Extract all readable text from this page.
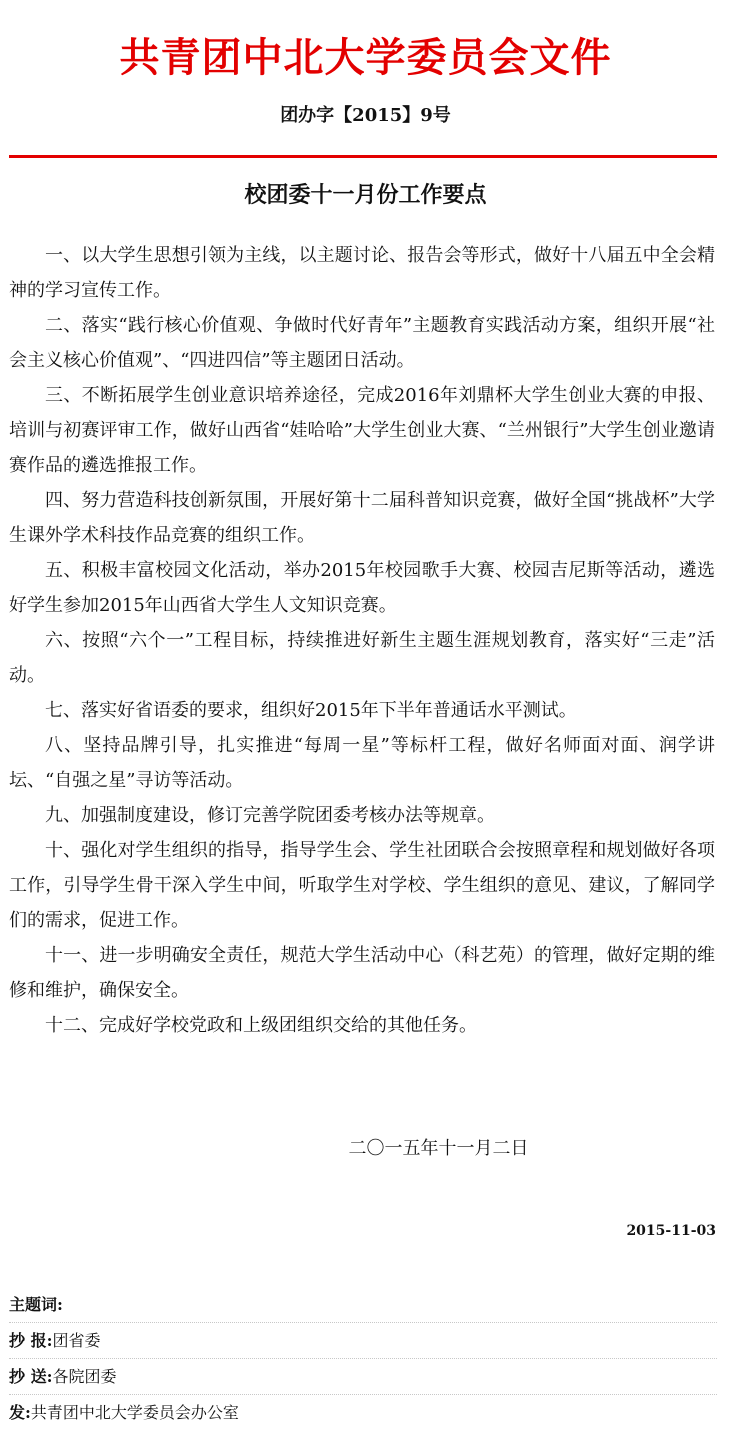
共青团中北大学委员会文件
团办字【2015】9号
校团委十一月份工作要点

一、以大学生思想引领为主线，以主题讨论、报告会等形式，做好十八届五中全会精神的学习宣传工作。

二、落实“践行核心价值观、争做时代好青年”主题教育实践活动方案，组织开展“社会主义核心价值观”、“四进四信”等主题团日活动。

三、不断拓展学生创业意识培养途径，完成2016年刘鼎杯大学生创业大赛的申报、培训与初赛评审工作，做好山西省“娃哈哈”大学生创业大赛、“兰州银行”大学生创业邀请赛作品的遴选推报工作。

四、努力营造科技创新氛围，开展好第十二届科普知识竞赛，做好全国“挑战杯”大学生课外学术科技作品竞赛的组织工作。

五、积极丰富校园文化活动，举办2015年校园歌手大赛、校园吉尼斯等活动，遴选好学生参加2015年山西省大学生人文知识竞赛。

六、按照“六个一”工程目标，持续推进好新生主题生涯规划教育，落实好“三走”活动。

七、落实好省语委的要求，组织好2015年下半年普通话水平测试。

八、坚持品牌引导，扎实推进“每周一星”等标杆工程，做好名师面对面、润学讲坛、“自强之星”寻访等活动。

九、加强制度建设，修订完善学院团委考核办法等规章。

十、强化对学生组织的指导，指导学生会、学生社团联合会按照章程和规划做好各项工作，引导学生骨干深入学生中间，听取学生对学校、学生组织的意见、建议，了解同学们的需求，促进工作。

十一、进一步明确安全责任，规范大学生活动中心（科艺苑）的管理，做好定期的维修和维护，确保安全。

十二、完成好学校党政和上级团组织交给的其他任务。

二〇一五年十一月二日
2015-11-03
主题词:
抄 报:团省委
抄 送:各院团委
发:共青团中北大学委员会办公室
